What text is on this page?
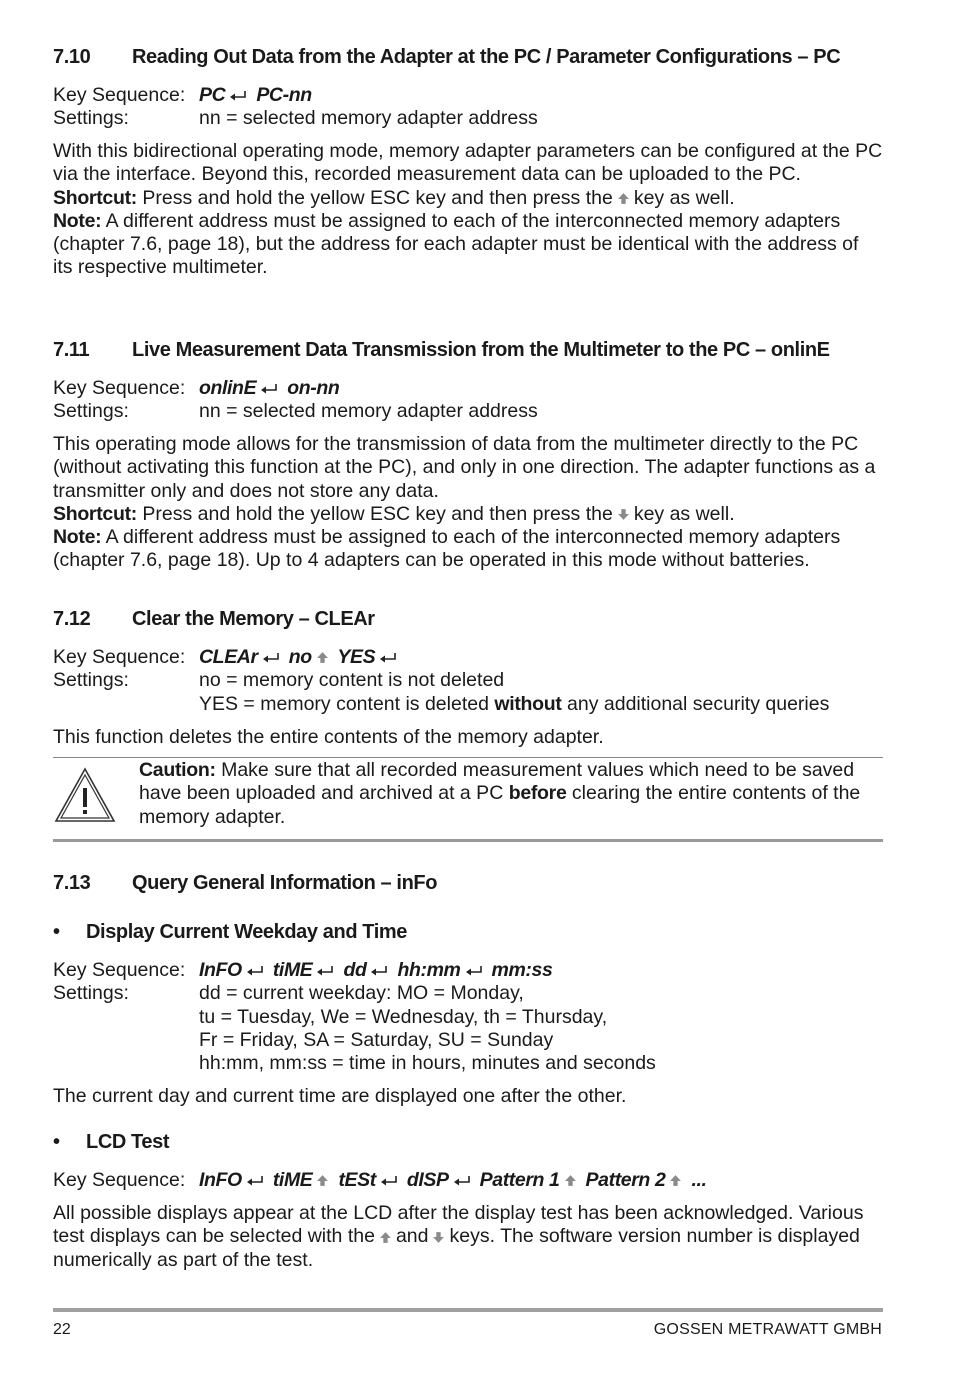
7.10 Reading Out Data from the Adapter at the PC / Parameter Configurations – PC
Key Sequence: PC PC-nn
Settings:	nn = selected memory adapter address
With this bidirectional operating mode, memory adapter parameters can be configured at the PC via the interface. Beyond this, recorded measurement data can be uploaded to the PC.
Shortcut: Press and hold the yellow ESC key and then press the key as well.
Note: A different address must be assigned to each of the interconnected memory adapters (chapter 7.6, page 18), but the address for each adapter must be identical with the address of its respective multimeter.
7.11 Live Measurement Data Transmission from the Multimeter to the PC – onlinE
Key Sequence: onlinE on-nn
Settings:	nn = selected memory adapter address
This operating mode allows for the transmission of data from the multimeter directly to the PC (without activating this function at the PC), and only in one direction. The adapter functions as a transmitter only and does not store any data.
Shortcut: Press and hold the yellow ESC key and then press the key as well.
Note: A different address must be assigned to each of the interconnected memory adapters (chapter 7.6, page 18). Up to 4 adapters can be operated in this mode without batteries.
7.12 Clear the Memory – CLEAr
Key Sequence: CLEAr no YES
Settings:	no = memory content is not deleted
YES = memory content is deleted without any additional security queries
This function deletes the entire contents of the memory adapter.
Caution: Make sure that all recorded measurement values which need to be saved have been uploaded and archived at a PC before clearing the entire contents of the memory adapter.
7.13 Query General Information – inFo
• Display Current Weekday and Time
Key Sequence: InFO tiME dd hh:mm mm:ss
Settings:	dd = current weekday: MO = Monday,
tu = Tuesday, We = Wednesday, th = Thursday,
Fr = Friday, SA = Saturday, SU = Sunday
hh:mm, mm:ss = time in hours, minutes and seconds
The current day and current time are displayed one after the other.
• LCD Test
Key Sequence: InFO tiME tESt dISP Pattern 1 Pattern 2 ...
All possible displays appear at the LCD after the display test has been acknowledged. Various test displays can be selected with the and keys. The software version number is displayed numerically as part of the test.
22	GOSSEN METRAWATT GMBH
